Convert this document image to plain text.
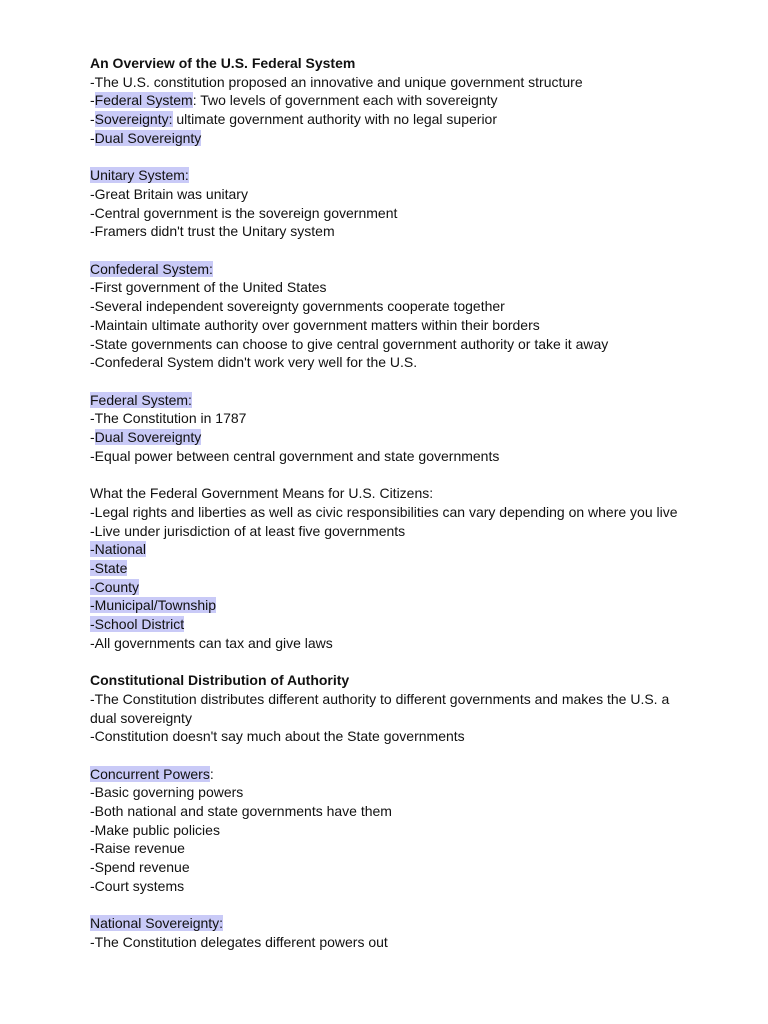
An Overview of the U.S. Federal System
-The U.S. constitution proposed an innovative and unique government structure
-Federal System: Two levels of government each with sovereignty
-Sovereignty: ultimate government authority with no legal superior
-Dual Sovereignty
Unitary System:
-Great Britain was unitary
-Central government is the sovereign government
-Framers didn't trust the Unitary system
Confederal System:
-First government of the United States
-Several independent sovereignty governments cooperate together
-Maintain ultimate authority over government matters within their borders
-State governments can choose to give central government authority or take it away
-Confederal System didn't work very well for the U.S.
Federal System:
-The Constitution in 1787
-Dual Sovereignty
-Equal power between central government and state governments
What the Federal Government Means for U.S. Citizens:
-Legal rights and liberties as well as civic responsibilities can vary depending on where you live
-Live under jurisdiction of at least five governments
-National
-State
-County
-Municipal/Township
-School District
-All governments can tax and give laws
Constitutional Distribution of Authority
-The Constitution distributes different authority to different governments and makes the U.S. a
dual sovereignty
-Constitution doesn't say much about the State governments
Concurrent Powers:
-Basic governing powers
-Both national and state governments have them
-Make public policies
-Raise revenue
-Spend revenue
-Court systems
National Sovereignty:
-The Constitution delegates different powers out
